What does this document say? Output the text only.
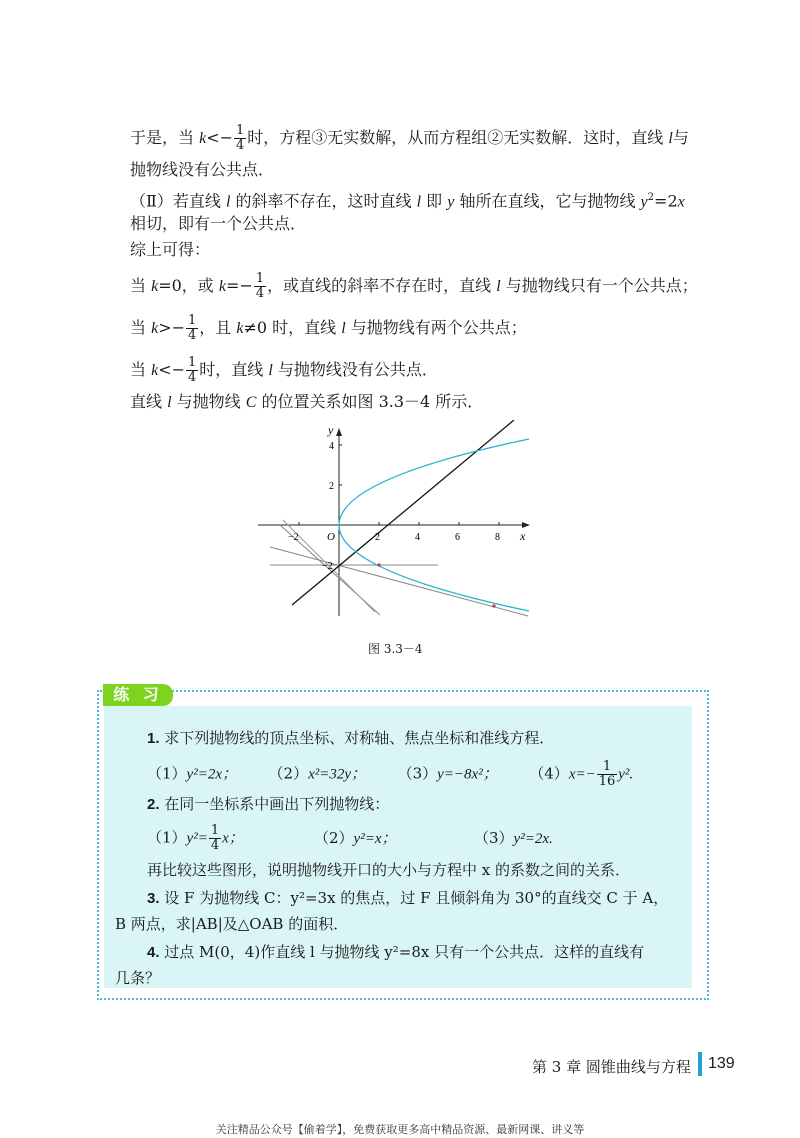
于是，当 $k<- \frac{1}{4}$ 时，方程③无实数解，从而方程组②无实数解．这时，直线 l与
抛物线没有公共点．
（Ⅱ）若直线 l 的斜率不存在，这时直线 l 即 y 轴所在直线，它与抛物线 $y^2=2x$
相切，即有一个公共点．
综上可得：
当 k=0，或 $k=- \frac{1}{4}$ ，或直线的斜率不存在时，直线 l 与抛物线只有一个公共点；
当 $k>- \frac{1}{4}$ ，且 k≠0 时，直线 l 与抛物线有两个公共点；
当 $k<- \frac{1}{4}$ 时，直线 l 与抛物线没有公共点．
直线 l 与抛物线 C 的位置关系如图 3.3－4 所示．
−2	2	4	6	8
O	x
y
4
2
−2
图 3.3－4
练 习
1. 求下列抛物线的顶点坐标、对称轴、焦点坐标和准线方程．
（1）y²=2x； （2）x²=32y； （3）y=−8x²； $(4)x=- \frac{1}{16} y^2$.
2. 在同一坐标系中画出下列抛物线：
$(1)y^2= \frac{1}{4}$ x；	（2）y²=x；	（3）y²=2x.
再比较这些图形，说明抛物线开口的大小与方程中 x 的系数之间的关系．
3. 设 F 为抛物线 C：y²=3x 的焦点，过 F 且倾斜角为 30°的直线交 C 于 A，
B 两点，求|AB|及△OAB 的面积．
4. 过点 M(0，4)作直线 l 与抛物线 y²=8x 只有一个公共点．这样的直线有
几条？
第 3 章 圆锥曲线与方程 139
关注精品公众号【偷着学】，免费获取更多高中精品资源、最新网课、讲义等
